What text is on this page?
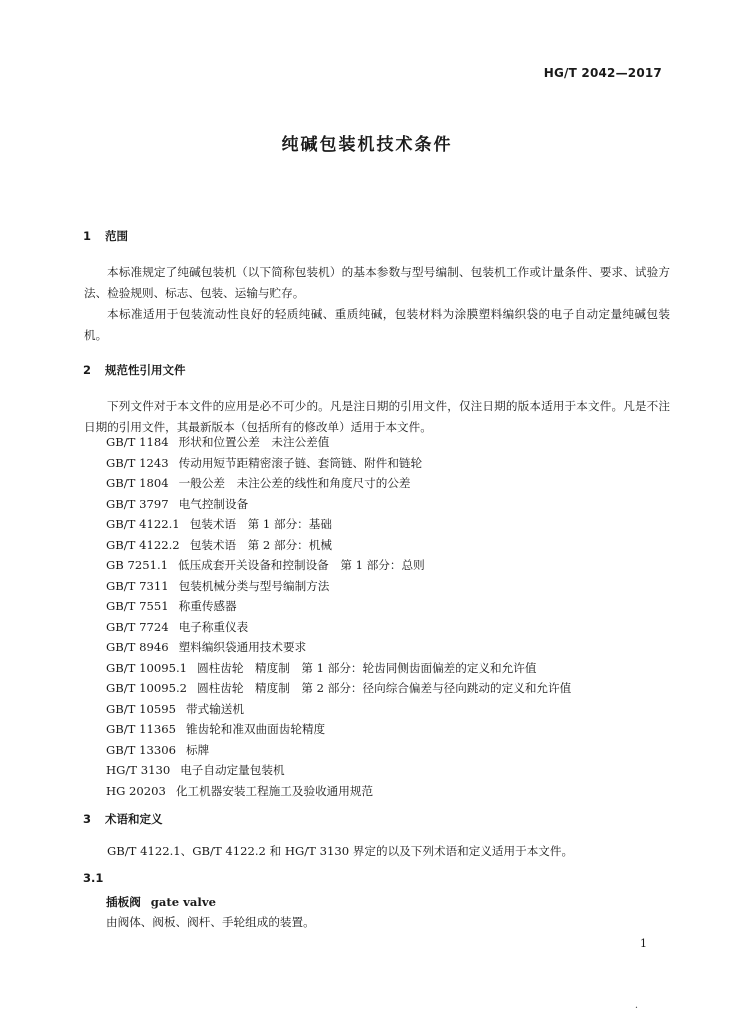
HG/T 2042—2017
纯碱包装机技术条件
1 范围

本标准规定了纯碱包装机（以下简称包装机）的基本参数与型号编制、包装机工作或计量条件、要求、试验方法、检验规则、标志、包装、运输与贮存。

本标准适用于包装流动性良好的轻质纯碱、重质纯碱，包装材料为涂膜塑料编织袋的电子自动定量纯碱包装机。

2 规范性引用文件

下列文件对于本文件的应用是必不可少的。凡是注日期的引用文件，仅注日期的版本适用于本文件。凡是不注日期的引用文件，其最新版本（包括所有的修改单）适用于本文件。

GB/T 1184 形状和位置公差　未注公差值
GB/T 1243 传动用短节距精密滚子链、套筒链、附件和链轮
GB/T 1804 一般公差　未注公差的线性和角度尺寸的公差
GB/T 3797 电气控制设备
GB/T 4122.1 包装术语　第 1 部分：基础
GB/T 4122.2 包装术语　第 2 部分：机械
GB 7251.1 低压成套开关设备和控制设备　第 1 部分：总则
GB/T 7311 包装机械分类与型号编制方法
GB/T 7551 称重传感器
GB/T 7724 电子称重仪表
GB/T 8946 塑料编织袋通用技术要求
GB/T 10095.1 圆柱齿轮　精度制　第 1 部分：轮齿同侧齿面偏差的定义和允许值
GB/T 10095.2 圆柱齿轮　精度制　第 2 部分：径向综合偏差与径向跳动的定义和允许值
GB/T 10595 带式输送机
GB/T 11365 锥齿轮和准双曲面齿轮精度
GB/T 13306 标牌
HG/T 3130 电子自动定量包装机
HG 20203 化工机器安装工程施工及验收通用规范
3 术语和定义

GB/T 4122.1、GB/T 4122.2 和 HG/T 3130 界定的以及下列术语和定义适用于本文件。

3.1
插板阀 gate valve
由阀体、阀板、阀杆、手轮组成的装置。
1
.
